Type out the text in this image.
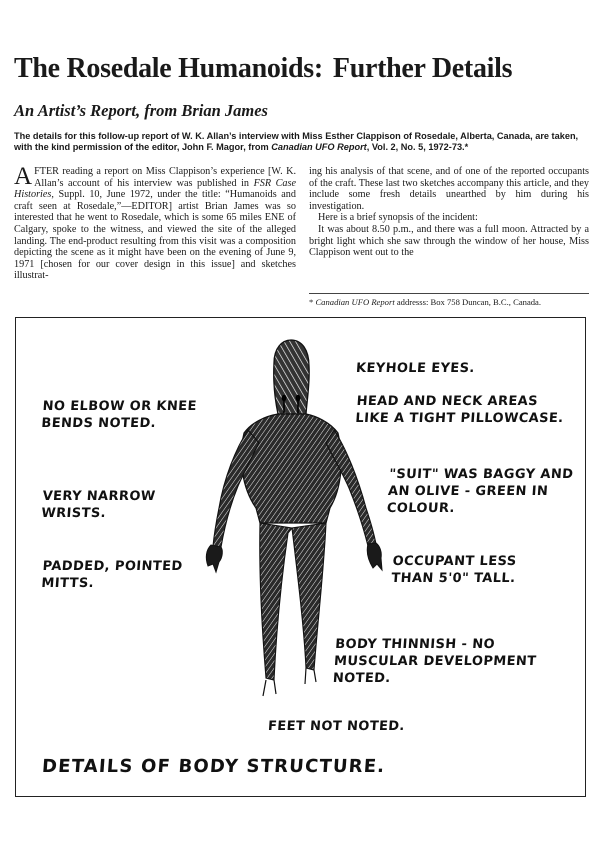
The Rosedale Humanoids: Further Details
An Artist’s Report, from Brian James
The details for this follow-up report of W. K. Allan’s interview with Miss Esther Clappison of Rosedale, Alberta, Canada, are taken, with the kind permission of the editor, John F. Magor, from Canadian UFO Report, Vol. 2, No. 5, 1972-73.*

AFTER reading a report on Miss Clappison’s experience [W. K. Allan’s account of his interview was published in FSR Case Histories, Suppl. 10, June 1972, under the title: “Humanoids and craft seen at Rosedale,”—EDITOR] artist Brian James was so interested that he went to Rosedale, which is some 65 miles ENE of Calgary, spoke to the witness, and viewed the site of the alleged landing. The end-product resulting from this visit was a composition depicting the scene as it might have been on the evening of June 9, 1971 [chosen for our cover design in this issue] and sketches illustrat-

ing his analysis of that scene, and of one of the reported occupants of the craft. These last two sketches accompany this article, and they include some fresh details unearthed by him during his investigation.

Here is a brief synopsis of the incident:

It was about 8.50 p.m., and there was a full moon. Attracted by a bright light which she saw through the window of her house, Miss Clappison went out to the

* Canadian UFO Report addresss: Box 758 Duncan, B.C., Canada.
NO ELBOW OR KNEE
BENDS NOTED.
VERY NARROW
WRISTS.
PADDED, POINTED
MITTS.
KEYHOLE EYES.
HEAD AND NECK AREAS
LIKE A TIGHT PILLOWCASE.
"SUIT" WAS BAGGY AND
AN OLIVE - GREEN IN
COLOUR.
OCCUPANT LESS
THAN 5'0" TALL.
BODY THINNISH - NO
MUSCULAR DEVELOPMENT
NOTED.
FEET NOT NOTED.
DETAILS OF BODY STRUCTURE.
